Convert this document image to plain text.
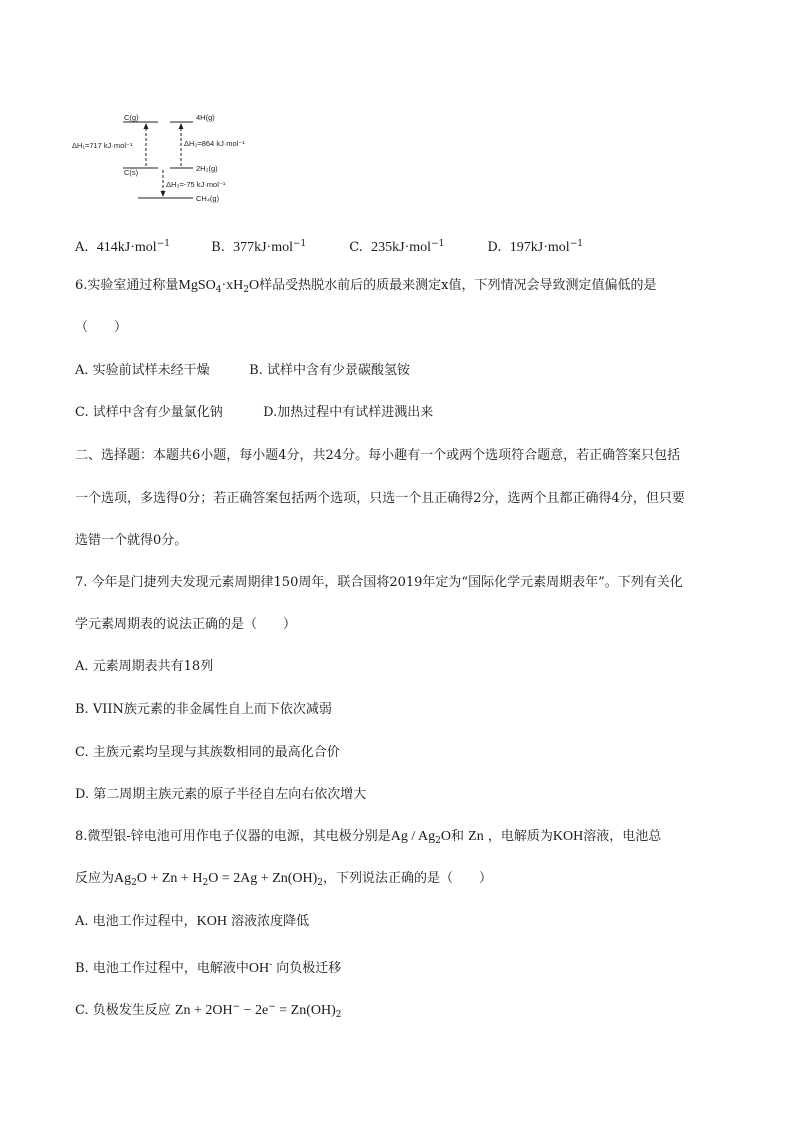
C(g)	4H(g)
ΔH₁=717 kJ·mol⁻¹	ΔH₂=864 kJ·mol⁻¹
C(s)	2H₂(g)
ΔH₃=-75 kJ·mol⁻¹
CH₄(g)
A. 414kJ·mol$^{-1}$	B. 377kJ·mol$^{-1}$	C. 235kJ·mol$^{-1}$	D. 197kJ·mol$^{-1}$
6.实验室通过称量$MgSO_4\cdot xH_2O$样品受热脱水前后的质最来测定x值，下列情况会导致测定值偏低的是
（　　）
A. 实验前试样未经干燥	B. 试样中含有少景碳酸氢铵
C. 试样中含有少量氯化钠	D.加热过程中有试样进溅出来
二、选择题：本题共6小题，每小题4分，共24分。每小趣有一个或两个选项符合题意，若正确答案只包括
一个选项，多选得0分；若正确答案包括两个选项，只选一个且正确得2分，选两个且都正确得4分，但只要
选错一个就得0分。
7. 今年是门捷列夫发现元素周期律150周年，联合国将2019年定为“国际化学元素周期表年”。下列有关化
学元素周期表的说法正确的是（　　）
A. 元素周期表共有18列
B. VIIN族元素的非金属性自上而下依次减弱
C. 主族元素均呈现与其族数相同的最高化合价
D. 第二周期主族元素的原子半径自左向右依次增大
8.微型银-锌电池可用作电子仪器的电源，其电极分别是Ag / $Ag_2O$和 Zn ，电解质为KOH溶液，电池总
反应为$Ag_2O + Zn + H_2O = 2Ag + Zn(OH)_2$，下列说法正确的是（　　）
A. 电池工作过程中，KOH 溶液浓度降低
B. 电池工作过程中，电解液中OH- 向负极迁移
C. 负极发生反应 $Zn + 2OH^- - 2e^- = Zn(OH)_2$
